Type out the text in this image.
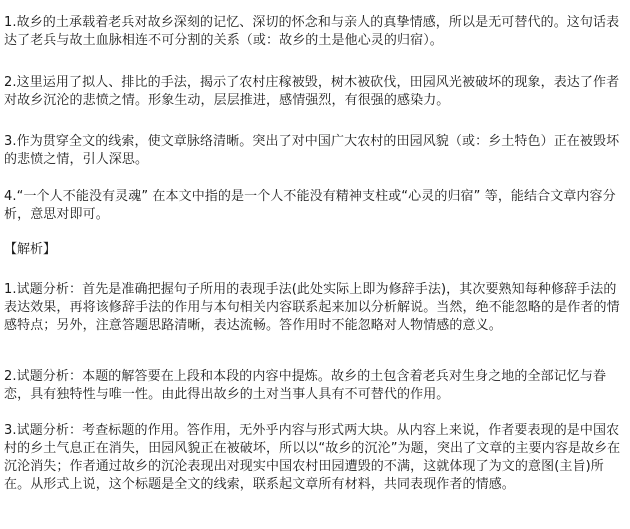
1.故乡的土承载着老兵对故乡深刻的记忆、深切的怀念和与亲人的真挚情感，所以是无可替代的。这句话表达了老兵与故土血脉相连不可分割的关系（或：故乡的土是他心灵的归宿）。
2.这里运用了拟人、排比的手法，揭示了农村庄稼被毁，树木被砍伐，田园风光被破坏的现象，表达了作者对故乡沉沦的悲愤之情。形象生动，层层推进，感情强烈，有很强的感染力。
3.作为贯穿全文的线索，使文章脉络清晰。突出了对中国广大农村的田园风貌（或：乡土特色）正在被毁坏的悲愤之情，引人深思。
4.“一个人不能没有灵魂” 在本文中指的是一个人不能没有精神支柱或“心灵的归宿” 等，能结合文章内容分析，意思对即可。
【解析】
1.试题分析：首先是准确把握句子所用的表现手法(此处实际上即为修辞手法)，其次要熟知每种修辞手法的表达效果，再将该修辞手法的作用与本句相关内容联系起来加以分析解说。当然，绝不能忽略的是作者的情感特点；另外，注意答题思路清晰，表达流畅。答作用时不能忽略对人物情感的意义。
2.试题分析：本题的解答要在上段和本段的内容中提炼。故乡的土包含着老兵对生身之地的全部记忆与眷恋，具有独特性与唯一性。由此得出故乡的土对当事人具有不可替代的作用。
3.试题分析：考查标题的作用。答作用，无外乎内容与形式两大块。从内容上来说，作者要表现的是中国农村的乡土气息正在消失，田园风貌正在被破坏，所以以“故乡的沉沦”为题，突出了文章的主要内容是故乡在沉沦消失；作者通过故乡的沉沦表现出对现实中国农村田园遭毁的不满，这就体现了为文的意图(主旨)所在。从形式上说，这个标题是全文的线索，联系起文章所有材料，共同表现作者的情感。
